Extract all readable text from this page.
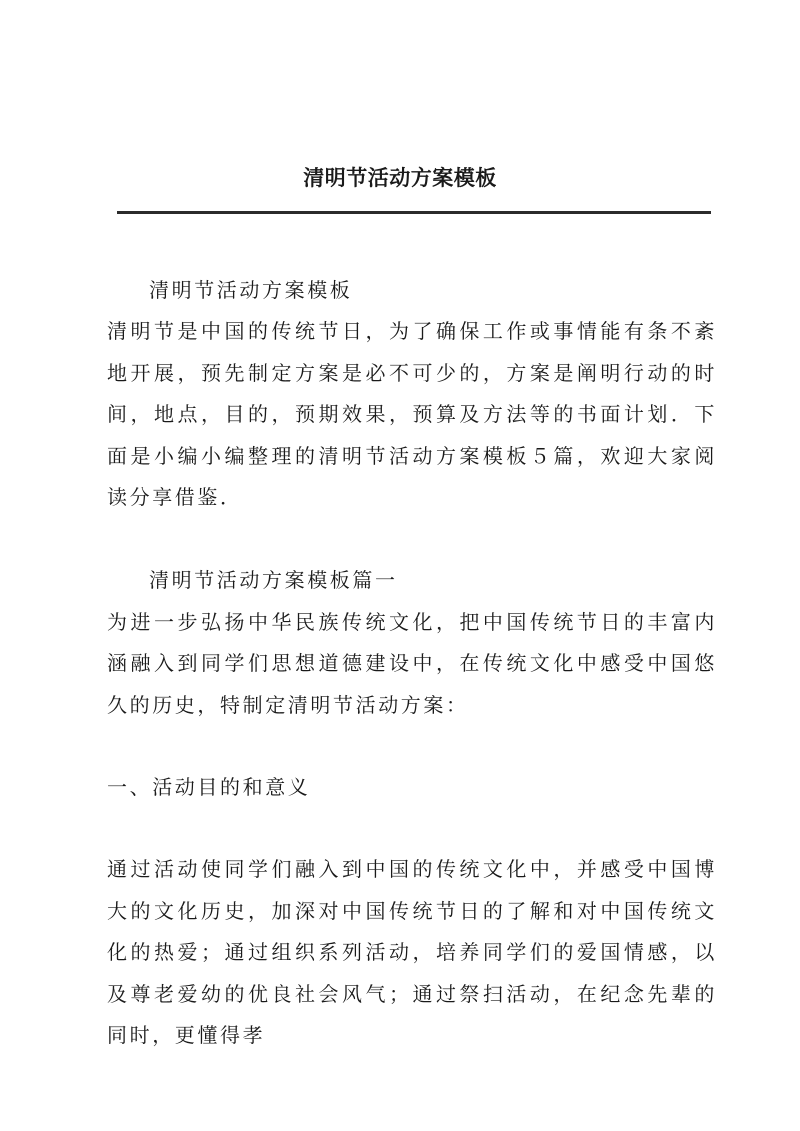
清明节活动方案模板

清明节活动方案模板

清明节是中国的传统节日，为了确保工作或事情能有条不紊地开展，预先制定方案是必不可少的，方案是阐明行动的时间，地点，目的，预期效果，预算及方法等的书面计划．下面是小编小编整理的清明节活动方案模板５篇，欢迎大家阅读分享借鉴．

清明节活动方案模板篇一

为进一步弘扬中华民族传统文化，把中国传统节日的丰富内涵融入到同学们思想道德建设中，在传统文化中感受中国悠久的历史，特制定清明节活动方案：

一、活动目的和意义

通过活动使同学们融入到中国的传统文化中，并感受中国博大的文化历史，加深对中国传统节日的了解和对中国传统文化的热爱；通过组织系列活动，培养同学们的爱国情感，以及尊老爱幼的优良社会风气；通过祭扫活动，在纪念先辈的同时，更懂得孝
